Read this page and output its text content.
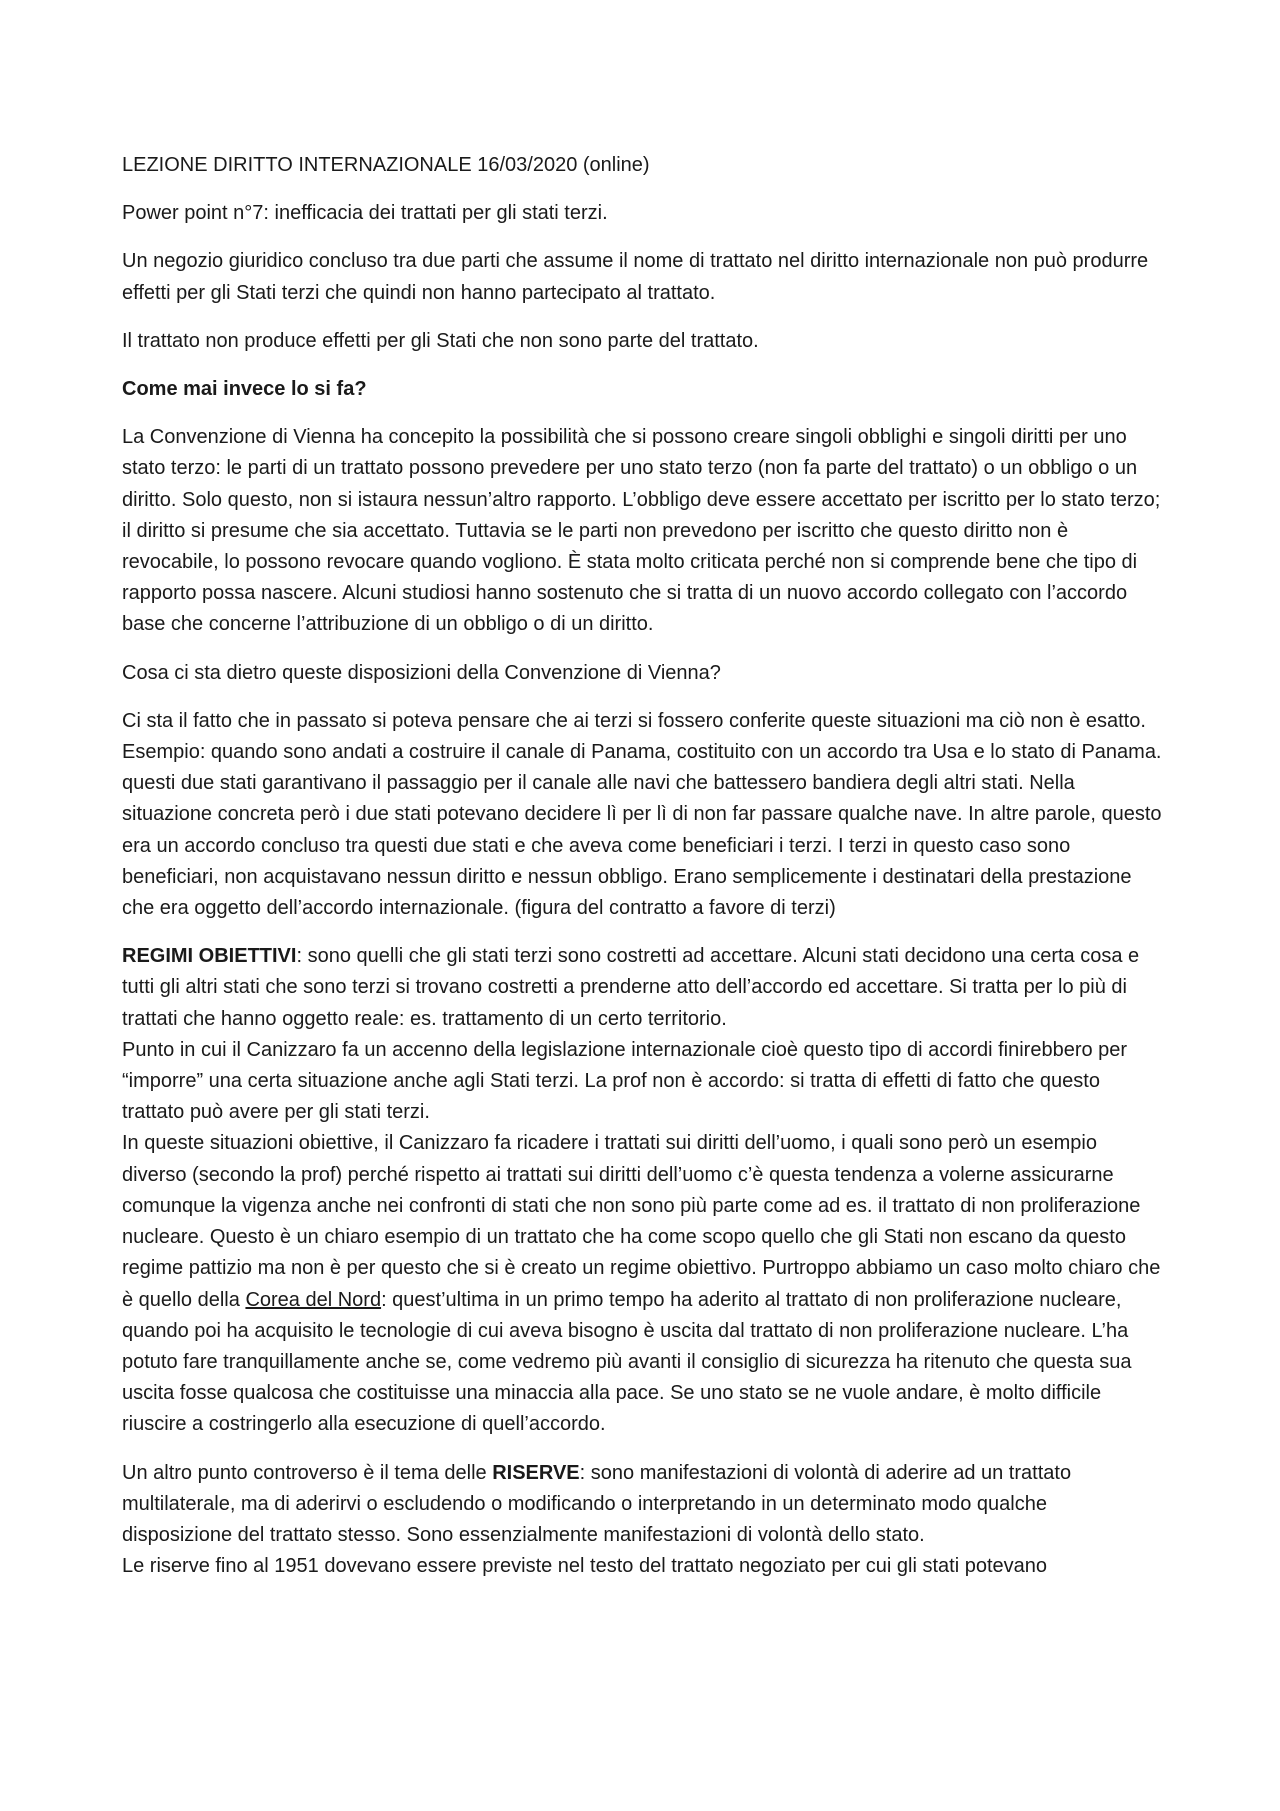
LEZIONE DIRITTO INTERNAZIONALE 16/03/2020 (online)

Power point n°7: inefficacia dei trattati per gli stati terzi.

Un negozio giuridico concluso tra due parti che assume il nome di trattato nel diritto internazionale non può produrre effetti per gli Stati terzi che quindi non hanno partecipato al trattato.

Il trattato non produce effetti per gli Stati che non sono parte del trattato.

Come mai invece lo si fa?

La Convenzione di Vienna ha concepito la possibilità che si possono creare singoli obblighi e singoli diritti per uno stato terzo: le parti di un trattato possono prevedere per uno stato terzo (non fa parte del trattato) o un obbligo o un diritto. Solo questo, non si istaura nessun’altro rapporto. L’obbligo deve essere accettato per iscritto per lo stato terzo; il diritto si presume che sia accettato. Tuttavia se le parti non prevedono per iscritto che questo diritto non è revocabile, lo possono revocare quando vogliono. È stata molto criticata perché non si comprende bene che tipo di rapporto possa nascere. Alcuni studiosi hanno sostenuto che si tratta di un nuovo accordo collegato con l’accordo base che concerne l’attribuzione di un obbligo o di un diritto.

Cosa ci sta dietro queste disposizioni della Convenzione di Vienna?

Ci sta il fatto che in passato si poteva pensare che ai terzi si fossero conferite queste situazioni ma ciò non è esatto. Esempio: quando sono andati a costruire il canale di Panama, costituito con un accordo tra Usa e lo stato di Panama. questi due stati garantivano il passaggio per il canale alle navi che battessero bandiera degli altri stati. Nella situazione concreta però i due stati potevano decidere lì per lì di non far passare qualche nave. In altre parole, questo era un accordo concluso tra questi due stati e che aveva come beneficiari i terzi. I terzi in questo caso sono beneficiari, non acquistavano nessun diritto e nessun obbligo. Erano semplicemente i destinatari della prestazione che era oggetto dell’accordo internazionale. (figura del contratto a favore di terzi)

REGIMI OBIETTIVI: sono quelli che gli stati terzi sono costretti ad accettare. Alcuni stati decidono una certa cosa e tutti gli altri stati che sono terzi si trovano costretti a prenderne atto dell’accordo ed accettare. Si tratta per lo più di trattati che hanno oggetto reale: es. trattamento di un certo territorio.

Punto in cui il Canizzaro fa un accenno della legislazione internazionale cioè questo tipo di accordi finirebbero per “imporre” una certa situazione anche agli Stati terzi. La prof non è accordo: si tratta di effetti di fatto che questo trattato può avere per gli stati terzi.

In queste situazioni obiettive, il Canizzaro fa ricadere i trattati sui diritti dell’uomo, i quali sono però un esempio diverso (secondo la prof) perché rispetto ai trattati sui diritti dell’uomo c’è questa tendenza a volerne assicurarne comunque la vigenza anche nei confronti di stati che non sono più parte come ad es. il trattato di non proliferazione nucleare. Questo è un chiaro esempio di un trattato che ha come scopo quello che gli Stati non escano da questo regime pattizio ma non è per questo che si è creato un regime obiettivo. Purtroppo abbiamo un caso molto chiaro che è quello della Corea del Nord: quest’ultima in un primo tempo ha aderito al trattato di non proliferazione nucleare, quando poi ha acquisito le tecnologie di cui aveva bisogno è uscita dal trattato di non proliferazione nucleare. L’ha potuto fare tranquillamente anche se, come vedremo più avanti il consiglio di sicurezza ha ritenuto che questa sua uscita fosse qualcosa che costituisse una minaccia alla pace. Se uno stato se ne vuole andare, è molto difficile riuscire a costringerlo alla esecuzione di quell’accordo.

Un altro punto controverso è il tema delle RISERVE: sono manifestazioni di volontà di aderire ad un trattato multilaterale, ma di aderirvi o escludendo o modificando o interpretando in un determinato modo qualche disposizione del trattato stesso. Sono essenzialmente manifestazioni di volontà dello stato.

Le riserve fino al 1951 dovevano essere previste nel testo del trattato negoziato per cui gli stati potevano
